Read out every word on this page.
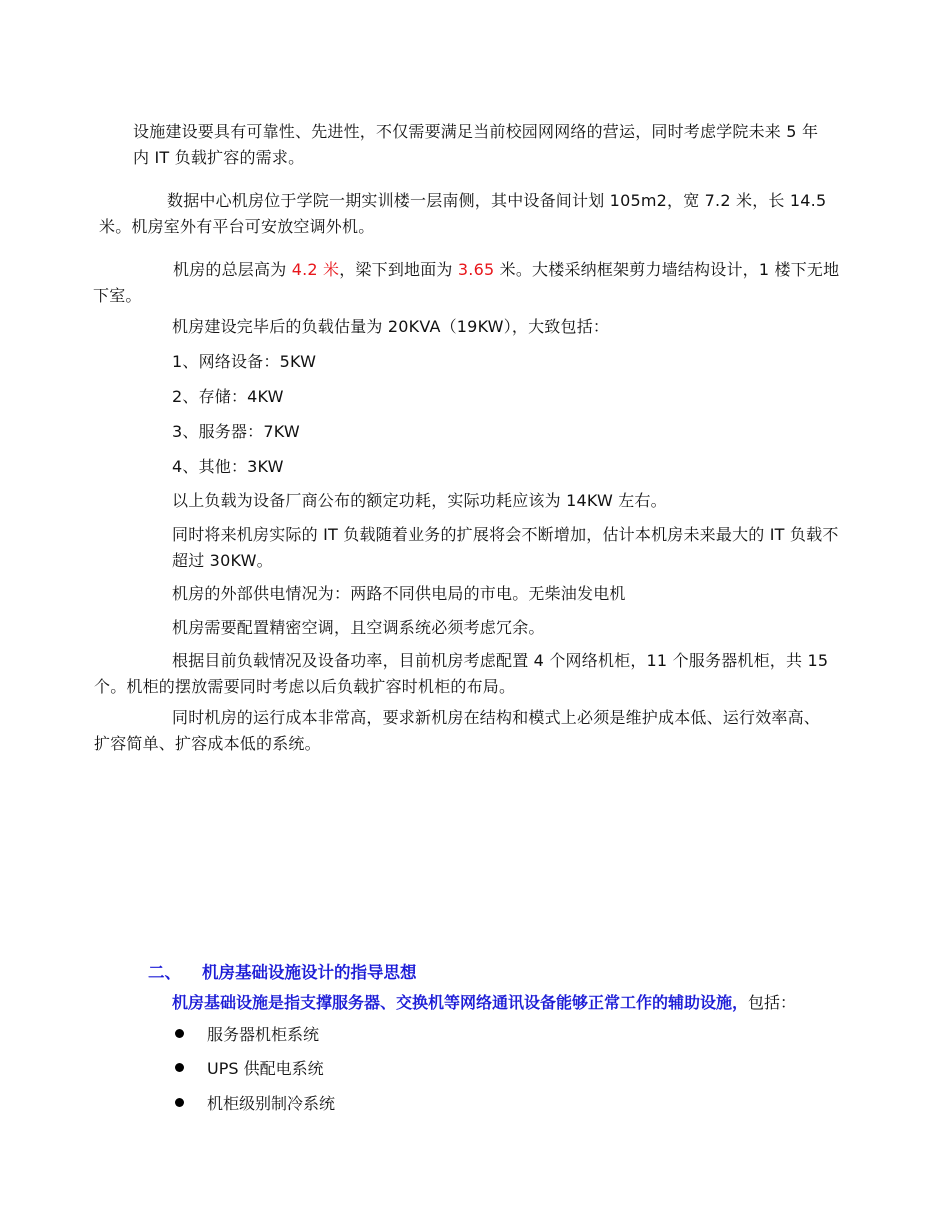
设施建设要具有可靠性、先进性，不仅需要满足当前校园网网络的营运，同时考虑学院未来 5 年
内 IT 负载扩容的需求。

数据中心机房位于学院一期实训楼一层南侧，其中设备间计划 105m2，宽 7.2 米，长 14.5
米。机房室外有平台可安放空调外机。

机房的总层高为 4.2 米，梁下到地面为 3.65 米。大楼采纳框架剪力墙结构设计，1 楼下无地
下室。

机房建设完毕后的负载估量为 20KVA（19KW），大致包括：

1、网络设备：5KW

2、存储：4KW

3、服务器：7KW

4、其他：3KW

以上负载为设备厂商公布的额定功耗，实际功耗应该为 14KW 左右。

同时将来机房实际的 IT 负载随着业务的扩展将会不断增加，估计本机房未来最大的 IT 负载不
超过 30KW。

机房的外部供电情况为：两路不同供电局的市电。无柴油发电机

机房需要配置精密空调，且空调系统必须考虑冗余。

根据目前负载情况及设备功率，目前机房考虑配置 4 个网络机柜，11 个服务器机柜，共 15
个。机柜的摆放需要同时考虑以后负载扩容时机柜的布局。

同时机房的运行成本非常高，要求新机房在结构和模式上必须是维护成本低、运行效率高、
扩容简单、扩容成本低的系统。

二、 机房基础设施设计的指导思想
机房基础设施是指支撑服务器、交换机等网络通讯设备能够正常工作的辅助设施，包括：
服务器机柜系统
UPS 供配电系统
机柜级别制冷系统
